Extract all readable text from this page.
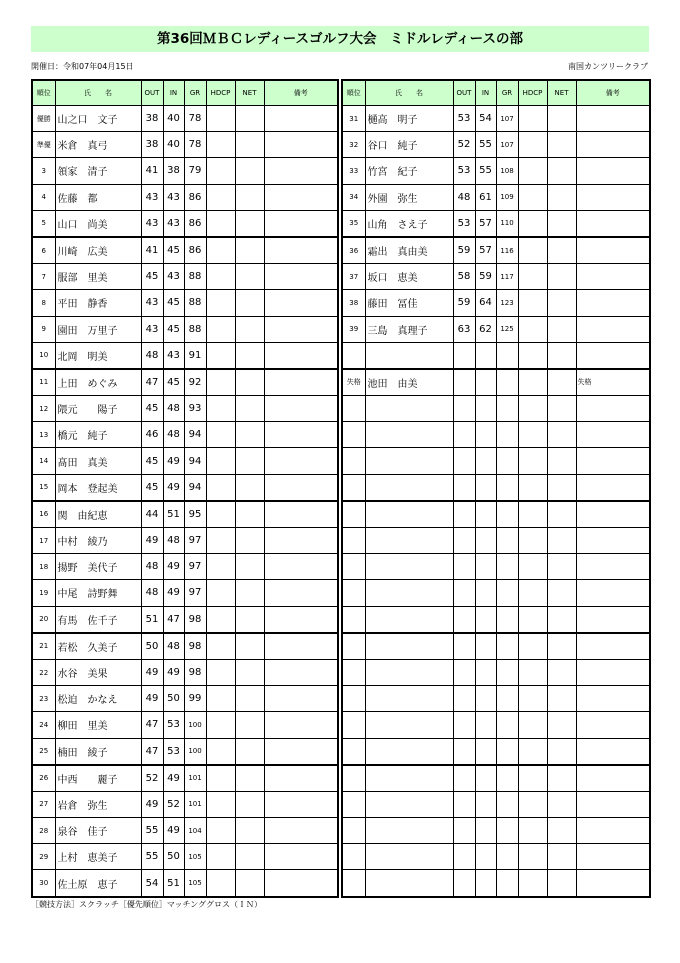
第36回ＭＢＣレディースゴルフ大会　ミドルレディースの部
開催日：令和07年04月15日	南国カンツリークラブ
順位	氏　　名	OUT	IN	GR	HDCP	NET	備考
優勝	山之口　文子	38	40	78			
準優	米倉　真弓	38	40	78			
3	領家　清子	41	38	79			
4	佐藤　都	43	43	86			
5	山口　尚美	43	43	86			
6	川崎　広美	41	45	86			
7	服部　里美	45	43	88			
8	平田　静香	43	45	88			
9	園田　万里子	43	45	88			
10	北岡　明美	48	43	91			
11	上田　めぐみ	47	45	92			
12	隈元　　陽子	45	48	93			
13	橋元　純子	46	48	94			
14	髙田　真美	45	49	94			
15	岡本　登起美	45	49	94			
16	関　由紀恵	44	51	95			
17	中村　綾乃	49	48	97			
18	揚野　美代子	48	49	97			
19	中尾　詩野舞	48	49	97			
20	有馬　佐千子	51	47	98			
21	若松　久美子	50	48	98			
22	水谷　美果	49	49	98			
23	松迫　かなえ	49	50	99			
24	柳田　里美	47	53	100			
25	楠田　綾子	47	53	100			
26	中西　　麗子	52	49	101			
27	岩倉　弥生	49	52	101			
28	泉谷　佳子	55	49	104			
29	上村　恵美子	55	50	105			
30	佐土原　恵子	54	51	105			
順位	氏　　名	OUT	IN	GR	HDCP	NET	備考
31	樋高　明子	53	54	107			
32	谷口　純子	52	55	107			
33	竹宮　紀子	53	55	108			
34	外園　弥生	48	61	109			
35	山角　さえ子	53	57	110			
36	霜出　真由美	59	57	116			
37	坂口　恵美	58	59	117			
38	藤田　冨佳	59	64	123			
39	三島　真理子	63	62	125			

失格	池田　由美						失格

［競技方法］スクラッチ［優先順位］マッチンググロス（ＩＮ）
